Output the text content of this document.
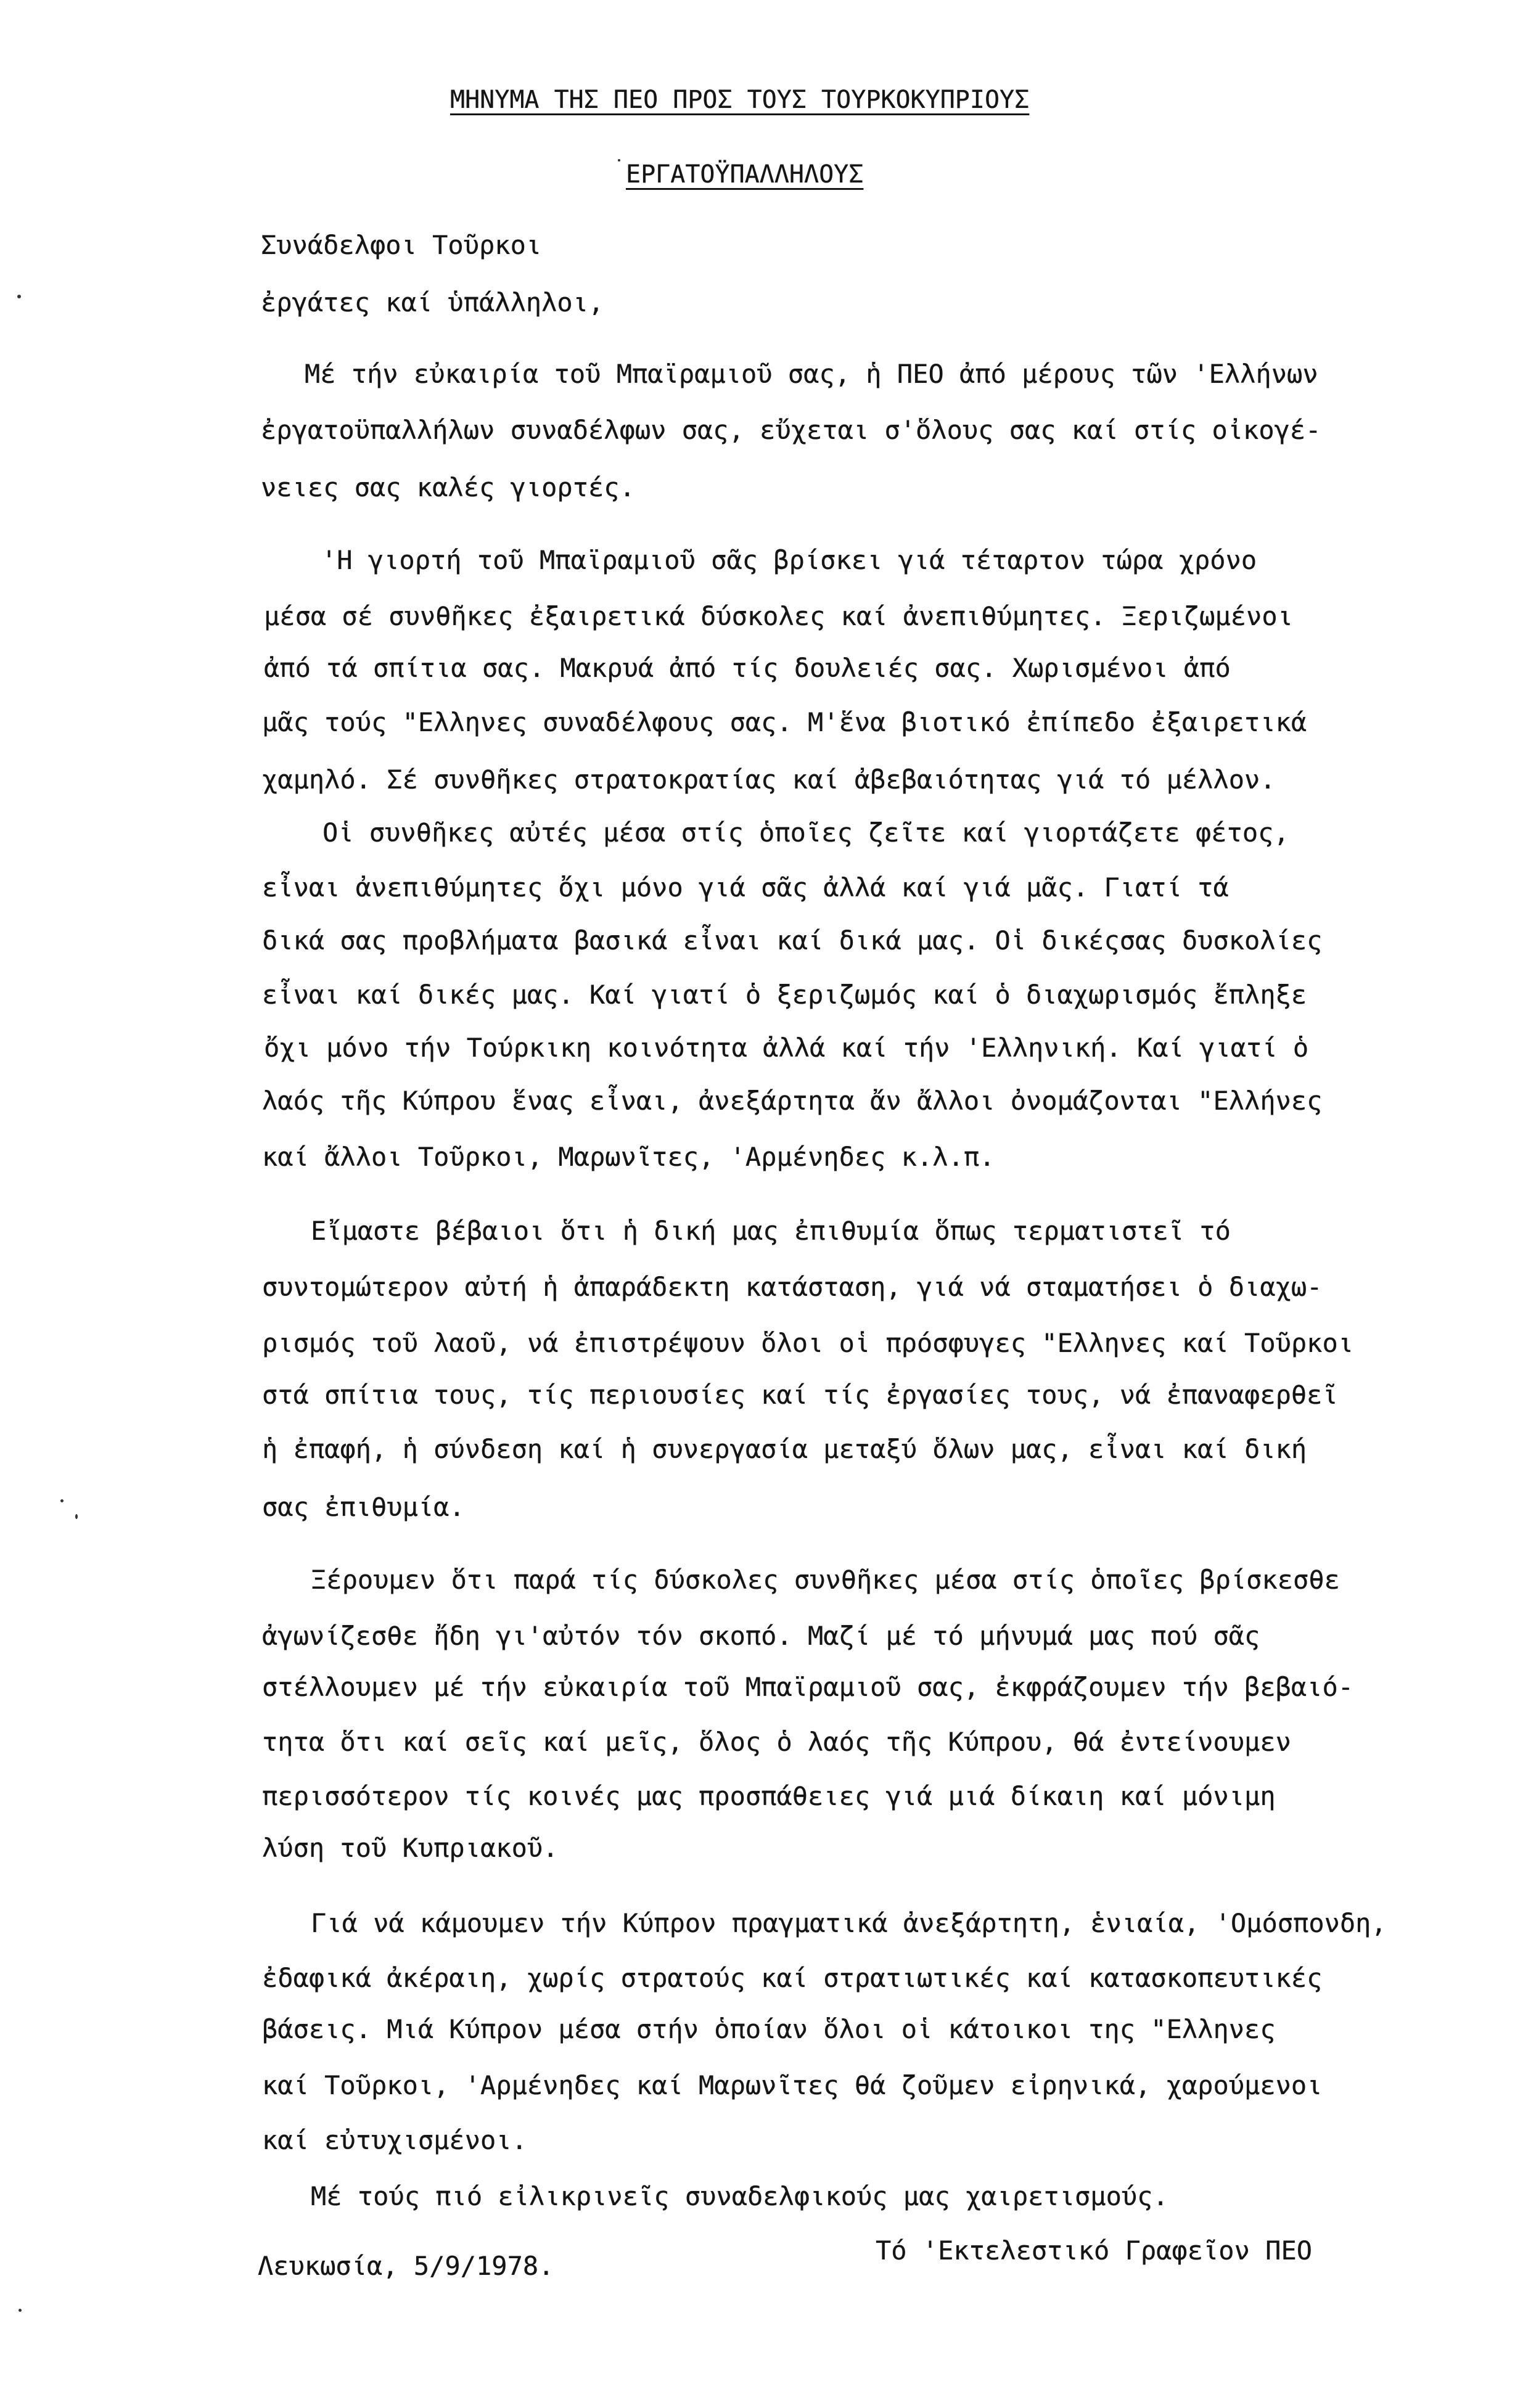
ΜΗΝΥΜΑ ΤΗΣ ΠΕΟ ΠΡΟΣ ΤΟΥΣ ΤΟΥΡΚΟΚΥΠΡΙΟΥΣ
ΕΡΓΑΤΟΫΠΑΛΛΗΛΟΥΣ
Συνάδελφοι Τοῦρκοι
ἐργάτες καί ὑπάλληλοι,
Μέ τήν εὐκαιρία τοῦ Μπαϊραμιοῦ σας, ἡ ΠΕΟ ἀπό μέρους τῶν 'Ελλήνων
ἐργατοϋπαλλήλων συναδέλφων σας, εὔχεται σ'ὅλους σας καί στίς οἰκογέ-
νειες σας καλές γιορτές.
'Η γιορτή τοῦ Μπαϊραμιοῦ σᾶς βρίσκει γιά τέταρτον τώρα χρόνο
μέσα σέ συνθῆκες ἐξαιρετικά δύσκολες καί ἀνεπιθύμητες. Ξεριζωμένοι
ἀπό τά σπίτια σας. Μακρυά ἀπό τίς δουλειές σας. Χωρισμένοι ἀπό
μᾶς τούς "Ελληνες συναδέλφους σας. Μ'ἕνα βιοτικό ἐπίπεδο ἐξαιρετικά
χαμηλό. Σέ συνθῆκες στρατοκρατίας καί ἀβεβαιότητας γιά τό μέλλον.
Οἱ συνθῆκες αὐτές μέσα στίς ὁποῖες ζεῖτε καί γιορτάζετε φέτος,
εἶναι ἀνεπιθύμητες ὄχι μόνο γιά σᾶς ἀλλά καί γιά μᾶς. Γιατί τά
δικά σας προβλήματα βασικά εἶναι καί δικά μας. Οἱ δικέςσας δυσκολίες
εἶναι καί δικές μας. Καί γιατί ὁ ξεριζωμός καί ὁ διαχωρισμός ἔπληξε
ὄχι μόνο τήν Τούρκικη κοινότητα ἀλλά καί τήν 'Ελληνική. Καί γιατί ὁ
λαός τῆς Κύπρου ἕνας εἶναι, ἀνεξάρτητα ἄν ἄλλοι ὀνομάζονται "Ελλήνες
καί ἄλλοι Τοῦρκοι, Μαρωνῖτες, 'Αρμένηδες κ.λ.π.
Εἴμαστε βέβαιοι ὅτι ἡ δική μας ἐπιθυμία ὅπως τερματιστεῖ τό
συντομώτερον αὐτή ἡ ἀπαράδεκτη κατάσταση, γιά νά σταματήσει ὁ διαχω-
ρισμός τοῦ λαοῦ, νά ἐπιστρέψουν ὅλοι οἱ πρόσφυγες "Ελληνες καί Τοῦρκοι
στά σπίτια τους, τίς περιουσίες καί τίς ἐργασίες τους, νά ἐπαναφερθεῖ
ἡ ἐπαφή, ἡ σύνδεση καί ἡ συνεργασία μεταξύ ὅλων μας, εἶναι καί δική
σας ἐπιθυμία.
Ξέρουμεν ὅτι παρά τίς δύσκολες συνθῆκες μέσα στίς ὁποῖες βρίσκεσθε
ἀγωνίζεσθε ἤδη γι'αὐτόν τόν σκοπό. Μαζί μέ τό μήνυμά μας πού σᾶς
στέλλουμεν μέ τήν εὐκαιρία τοῦ Μπαϊραμιοῦ σας, ἐκφράζουμεν τήν βεβαιό-
τητα ὅτι καί σεῖς καί μεῖς, ὅλος ὁ λαός τῆς Κύπρου, θά ἐντείνουμεν
περισσότερον τίς κοινές μας προσπάθειες γιά μιά δίκαιη καί μόνιμη
λύση τοῦ Κυπριακοῦ.
Γιά νά κάμουμεν τήν Κύπρον πραγματικά ἀνεξάρτητη, ἑνιαία, 'Ομόσπονδη,
ἐδαφικά ἀκέραιη, χωρίς στρατούς καί στρατιωτικές καί κατασκοπευτικές
βάσεις. Μιά Κύπρον μέσα στήν ὁποίαν ὅλοι οἱ κάτοικοι της "Ελληνες
καί Τοῦρκοι, 'Αρμένηδες καί Μαρωνῖτες θά ζοῦμεν εἰρηνικά, χαρούμενοι
καί εὐτυχισμένοι.
Μέ τούς πιό εἰλικρινεῖς συναδελφικούς μας χαιρετισμούς.
Λευκωσία, 5/9/1978.
Τό 'Εκτελεστικό Γραφεῖον ΠΕΟ
